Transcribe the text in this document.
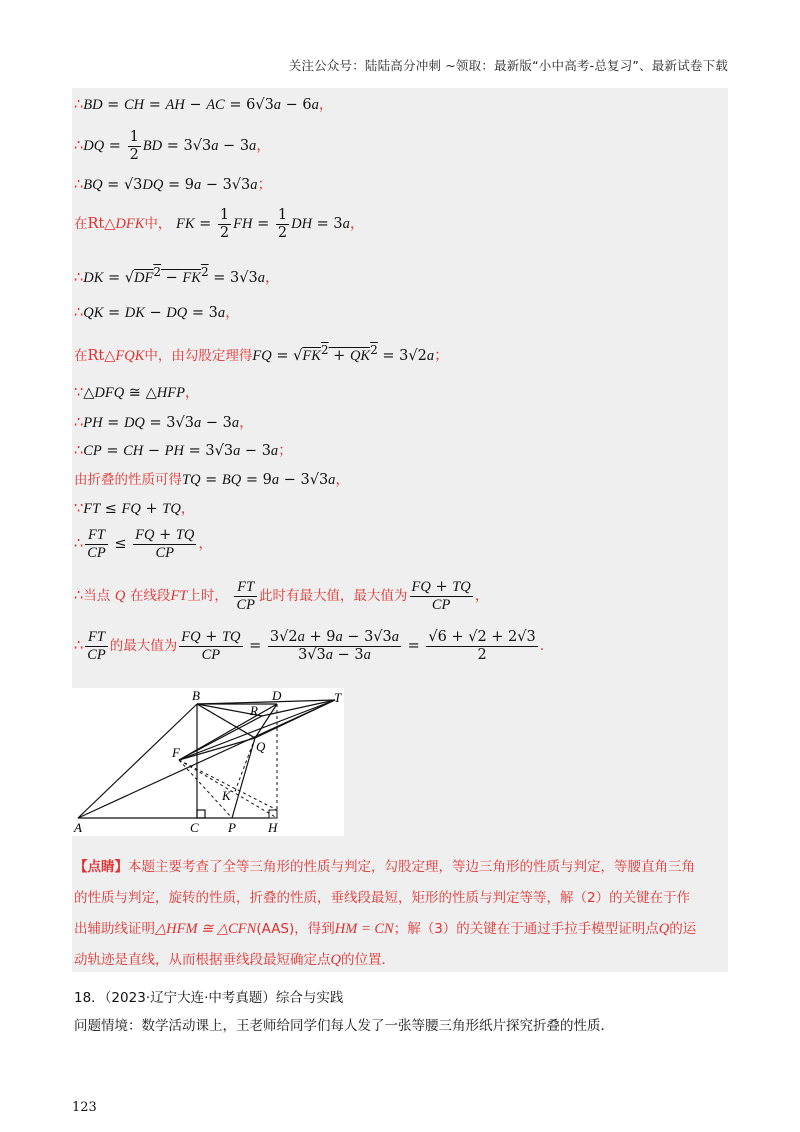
关注公众号：陆陆高分冲刺 ~领取：最新版“小中高考-总复习”、最新试卷下载
∴BD = CH = AH − AC = 6√3a − 6a，
∴DQ = $\frac{1}{2}$ BD = 3√3a − 3a，
∴BQ = √3DQ = 9a − 3√3a；
在Rt△DFK中， FK = $\frac{1}{2}$ FH = $\frac{1}{2}$ DH = 3a，
∴DK = $√DF^2 - FK^2 = 3√3a$，
∴QK = DK − DQ = 3a，
在Rt△FQK中，由勾股定理得FQ = $√FK^2 + QK^2 = 3√2a$；
∵△DFQ ≅ △HFP，
∴PH = DQ = 3√3a − 3a，
∴CP = CH − PH = 3√3a − 3a；
由折叠的性质可得TQ = BQ = 9a − 3√3a，
∵FT ≤ FQ + TQ，
∴ $\frac{FT}{CP} \le \frac{FQ + TQ}{CP}$ ，
∴当点 Q 在线段FT上时， $\frac{FT}{CP}$ 此时有最大值，最大值为 $\frac{FQ + TQ}{CP}$ ，
∴ $\frac{FT}{CP}$ 的最大值为 $\frac{FQ + TQ}{CP} = \frac{3√2a + 9a - 3√3a}{3√3a - 3a} = \frac{√6 + √2 + 2√3}{2}$ ．
B	D	T
R
F	Q
K
A	C P H
【点睛】本题主要考查了全等三角形的性质与判定，勾股定理，等边三角形的性质与判定，等腰直角三角
的性质与判定，旋转的性质，折叠的性质，垂线段最短，矩形的性质与判定等等，解（2）的关键在于作
出辅助线证明△HFM ≅ △CFN(AAS)，得到HM = CN；解（3）的关键在于通过手拉手模型证明点Q的运
动轨迹是直线，从而根据垂线段最短确定点Q的位置．
18．（2023·辽宁大连·中考真题）综合与实践
问题情境：数学活动课上，王老师给同学们每人发了一张等腰三角形纸片探究折叠的性质．
123
